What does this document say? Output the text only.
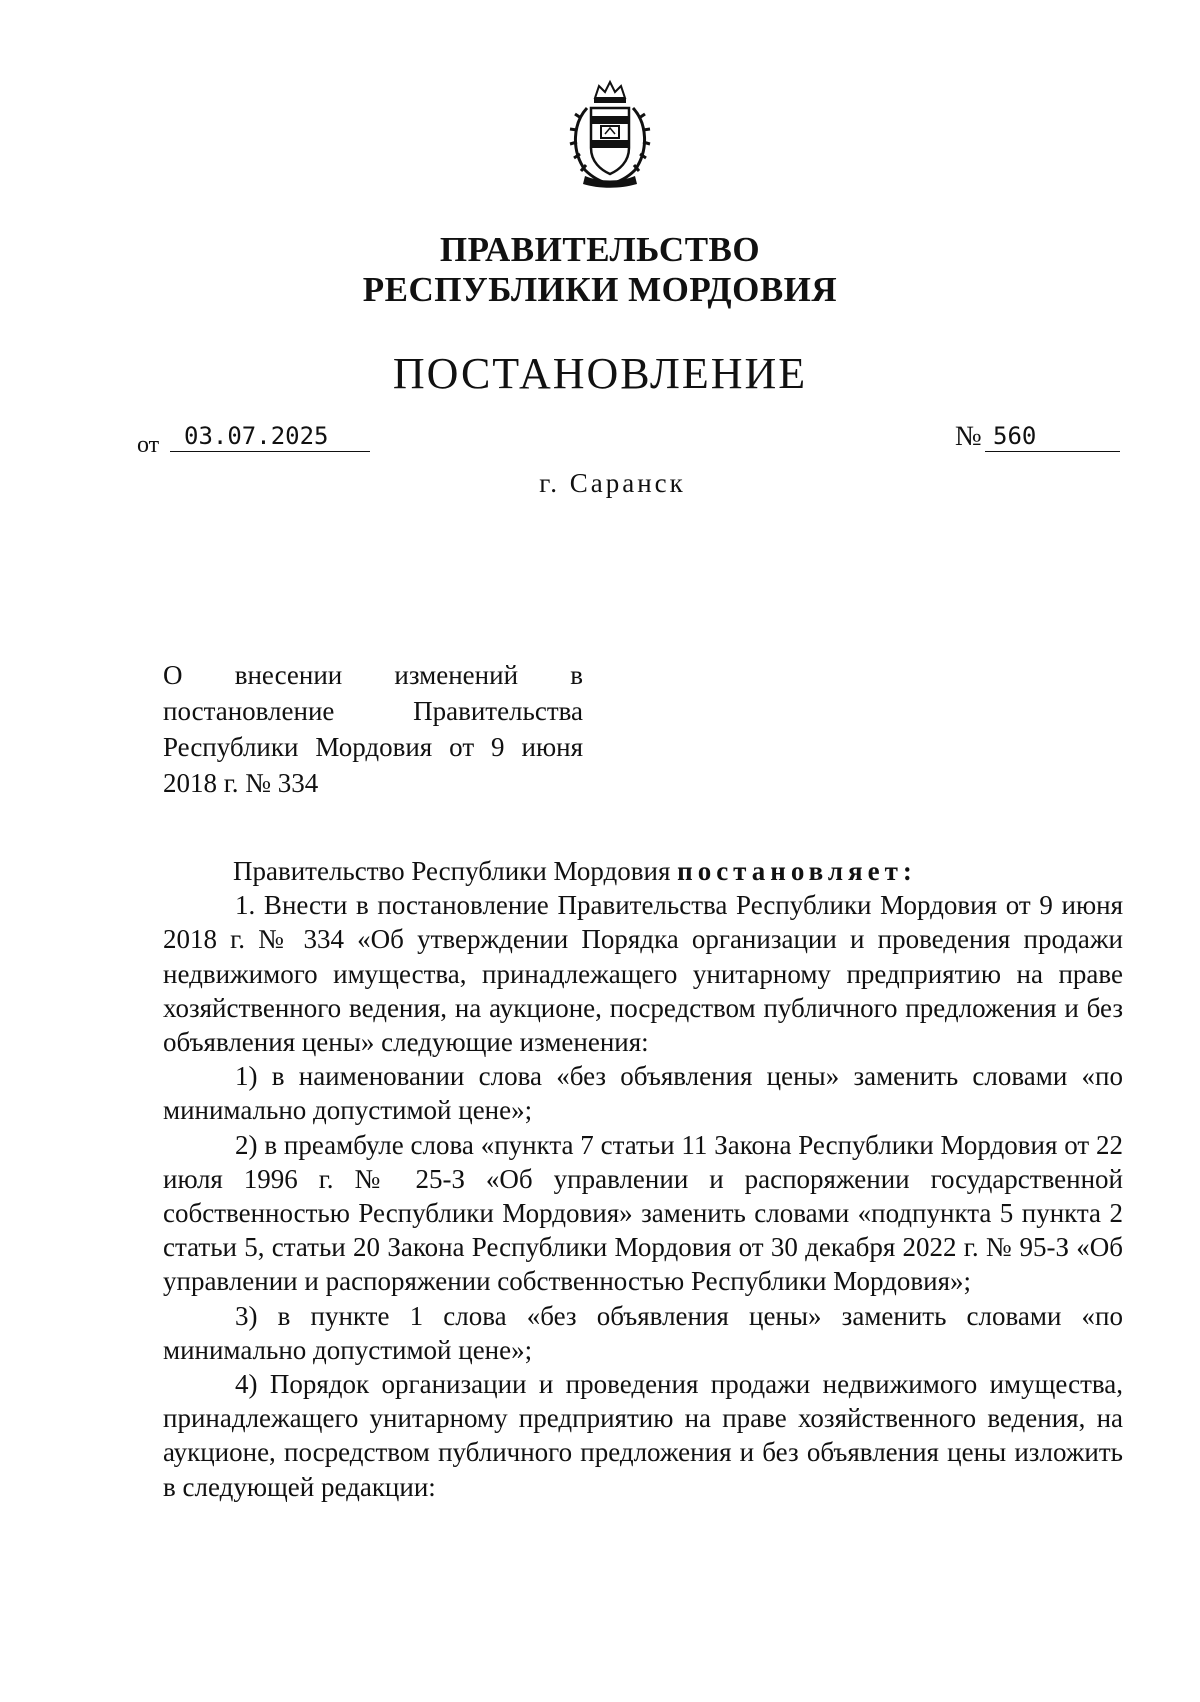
ПРАВИТЕЛЬСТВО
РЕСПУБЛИКИ МОРДОВИЯ
ПОСТАНОВЛЕНИЕ
от	03.07.2025	№ 560
г. Саранск
О внесении изменений в постановление Правительства Республики Мордовия от 9 июня 2018 г. № 334

Правительство Республики Мордовия постановляет:

1. Внести в постановление Правительства Республики Мордовия от 9 июня 2018 г. № 334 «Об утверждении Порядка организации и проведения продажи недвижимого имущества, принадлежащего унитарному предприятию на праве хозяйственного ведения, на аукционе, посредством публичного предложения и без объявления цены» следующие изменения:

1) в наименовании слова «без объявления цены» заменить словами «по минимально допустимой цене»;

2) в преамбуле слова «пункта 7 статьи 11 Закона Республики Мордовия от 22 июля 1996 г. № 25-З «Об управлении и распоряжении государственной собственностью Республики Мордовия» заменить словами «подпункта 5 пункта 2 статьи 5, статьи 20 Закона Республики Мордовия от 30 декабря 2022 г. № 95-З «Об управлении и распоряжении собственностью Республики Мордовия»;

3) в пункте 1 слова «без объявления цены» заменить словами «по минимально допустимой цене»;

4) Порядок организации и проведения продажи недвижимого имущества, принадлежащего унитарному предприятию на праве хозяйственного ведения, на аукционе, посредством публичного предложения и без объявления цены изложить в следующей редакции:
